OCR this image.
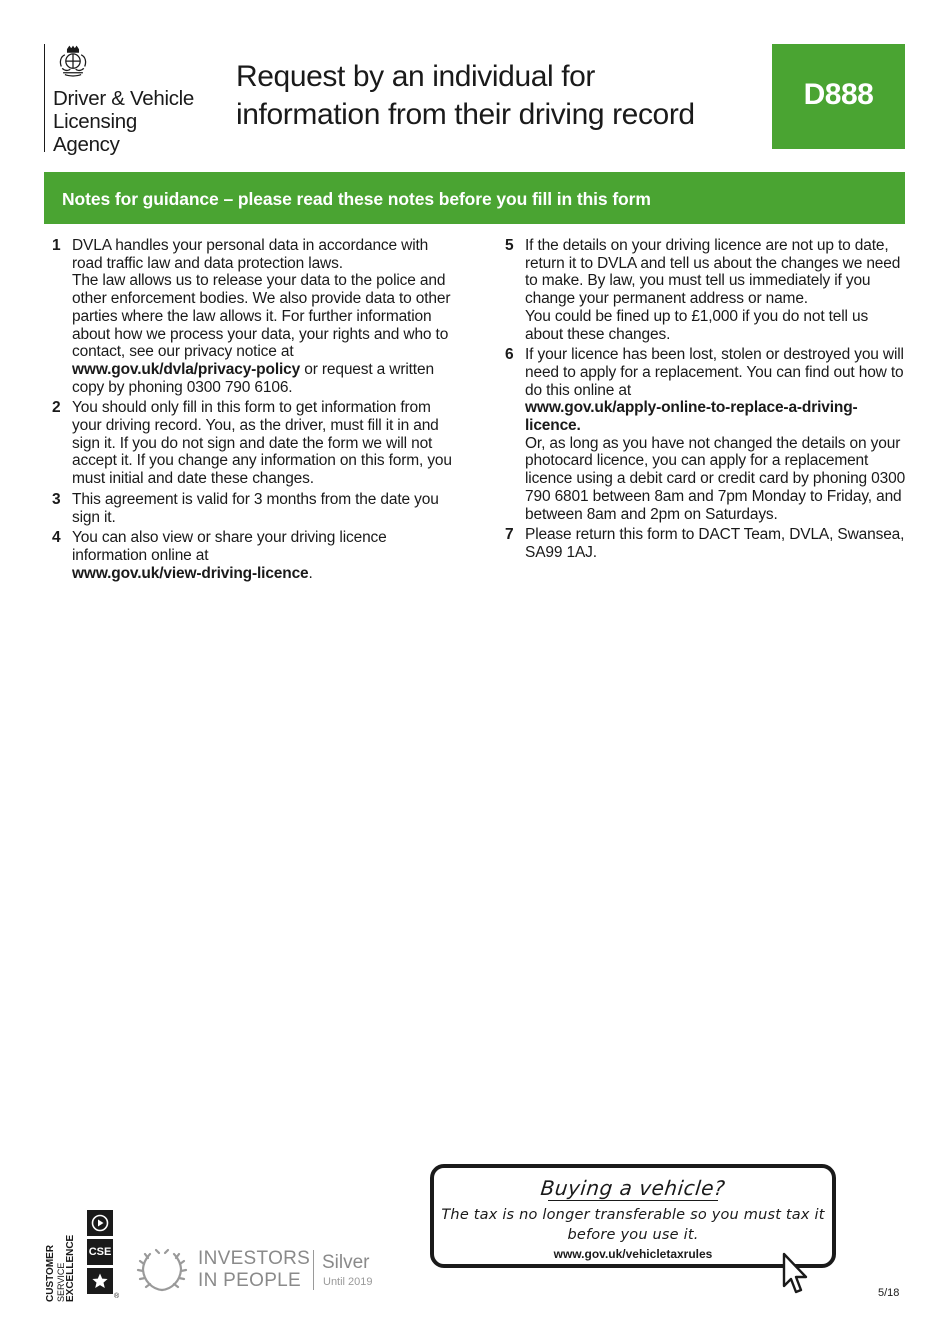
Driver & Vehicle
Licensing
Agency
Request by an individual for
information from their driving record
D888
Notes for guidance – please read these notes before you fill in this form
1 DVLA handles your personal data in accordance with road traffic law and data protection laws.

The law allows us to release your data to the police and other enforcement bodies. We also provide data to other parties where the law allows it. For further information about how we process your data, your rights and who to contact, see our privacy notice at
www.gov.uk/dvla/privacy-policy or request a written copy by phoning 0300 790 6106.

2 You should only fill in this form to get information from your driving record. You, as the driver, must fill it in and sign it. If you do not sign and date the form we will not accept it. If you change any information on this form, you must initial and date these changes.

3 This agreement is valid for 3 months from the date you sign it.

4 You can also view or share your driving licence information online at
www.gov.uk/view-driving-licence.

5 If the details on your driving licence are not up to date, return it to DVLA and tell us about the changes we need to make. By law, you must tell us immediately if you change your permanent address or name.

You could be fined up to £1,000 if you do not tell us about these changes.

6 If your licence has been lost, stolen or destroyed you will need to apply for a replacement. You can find out how to do this online at

www.gov.uk/apply-online-to-replace-a-driving-licence.

Or, as long as you have not changed the details on your photocard licence, you can apply for a replacement licence using a debit card or credit card by phoning 0300 790 6801 between 8am and 7pm Monday to Friday, and between 8am and 2pm on Saturdays.

7 Please return this form to DACT Team, DVLA, Swansea, SA99 1AJ.

CUSTOMER SERVICE EXCELLENCE CSE
®
INVESTORS
IN PEOPLE
Silver
Until 2019
Buying a vehicle?
The tax is no longer transferable so you must tax it
before you use it.
www.gov.uk/vehicletaxrules
5/18
